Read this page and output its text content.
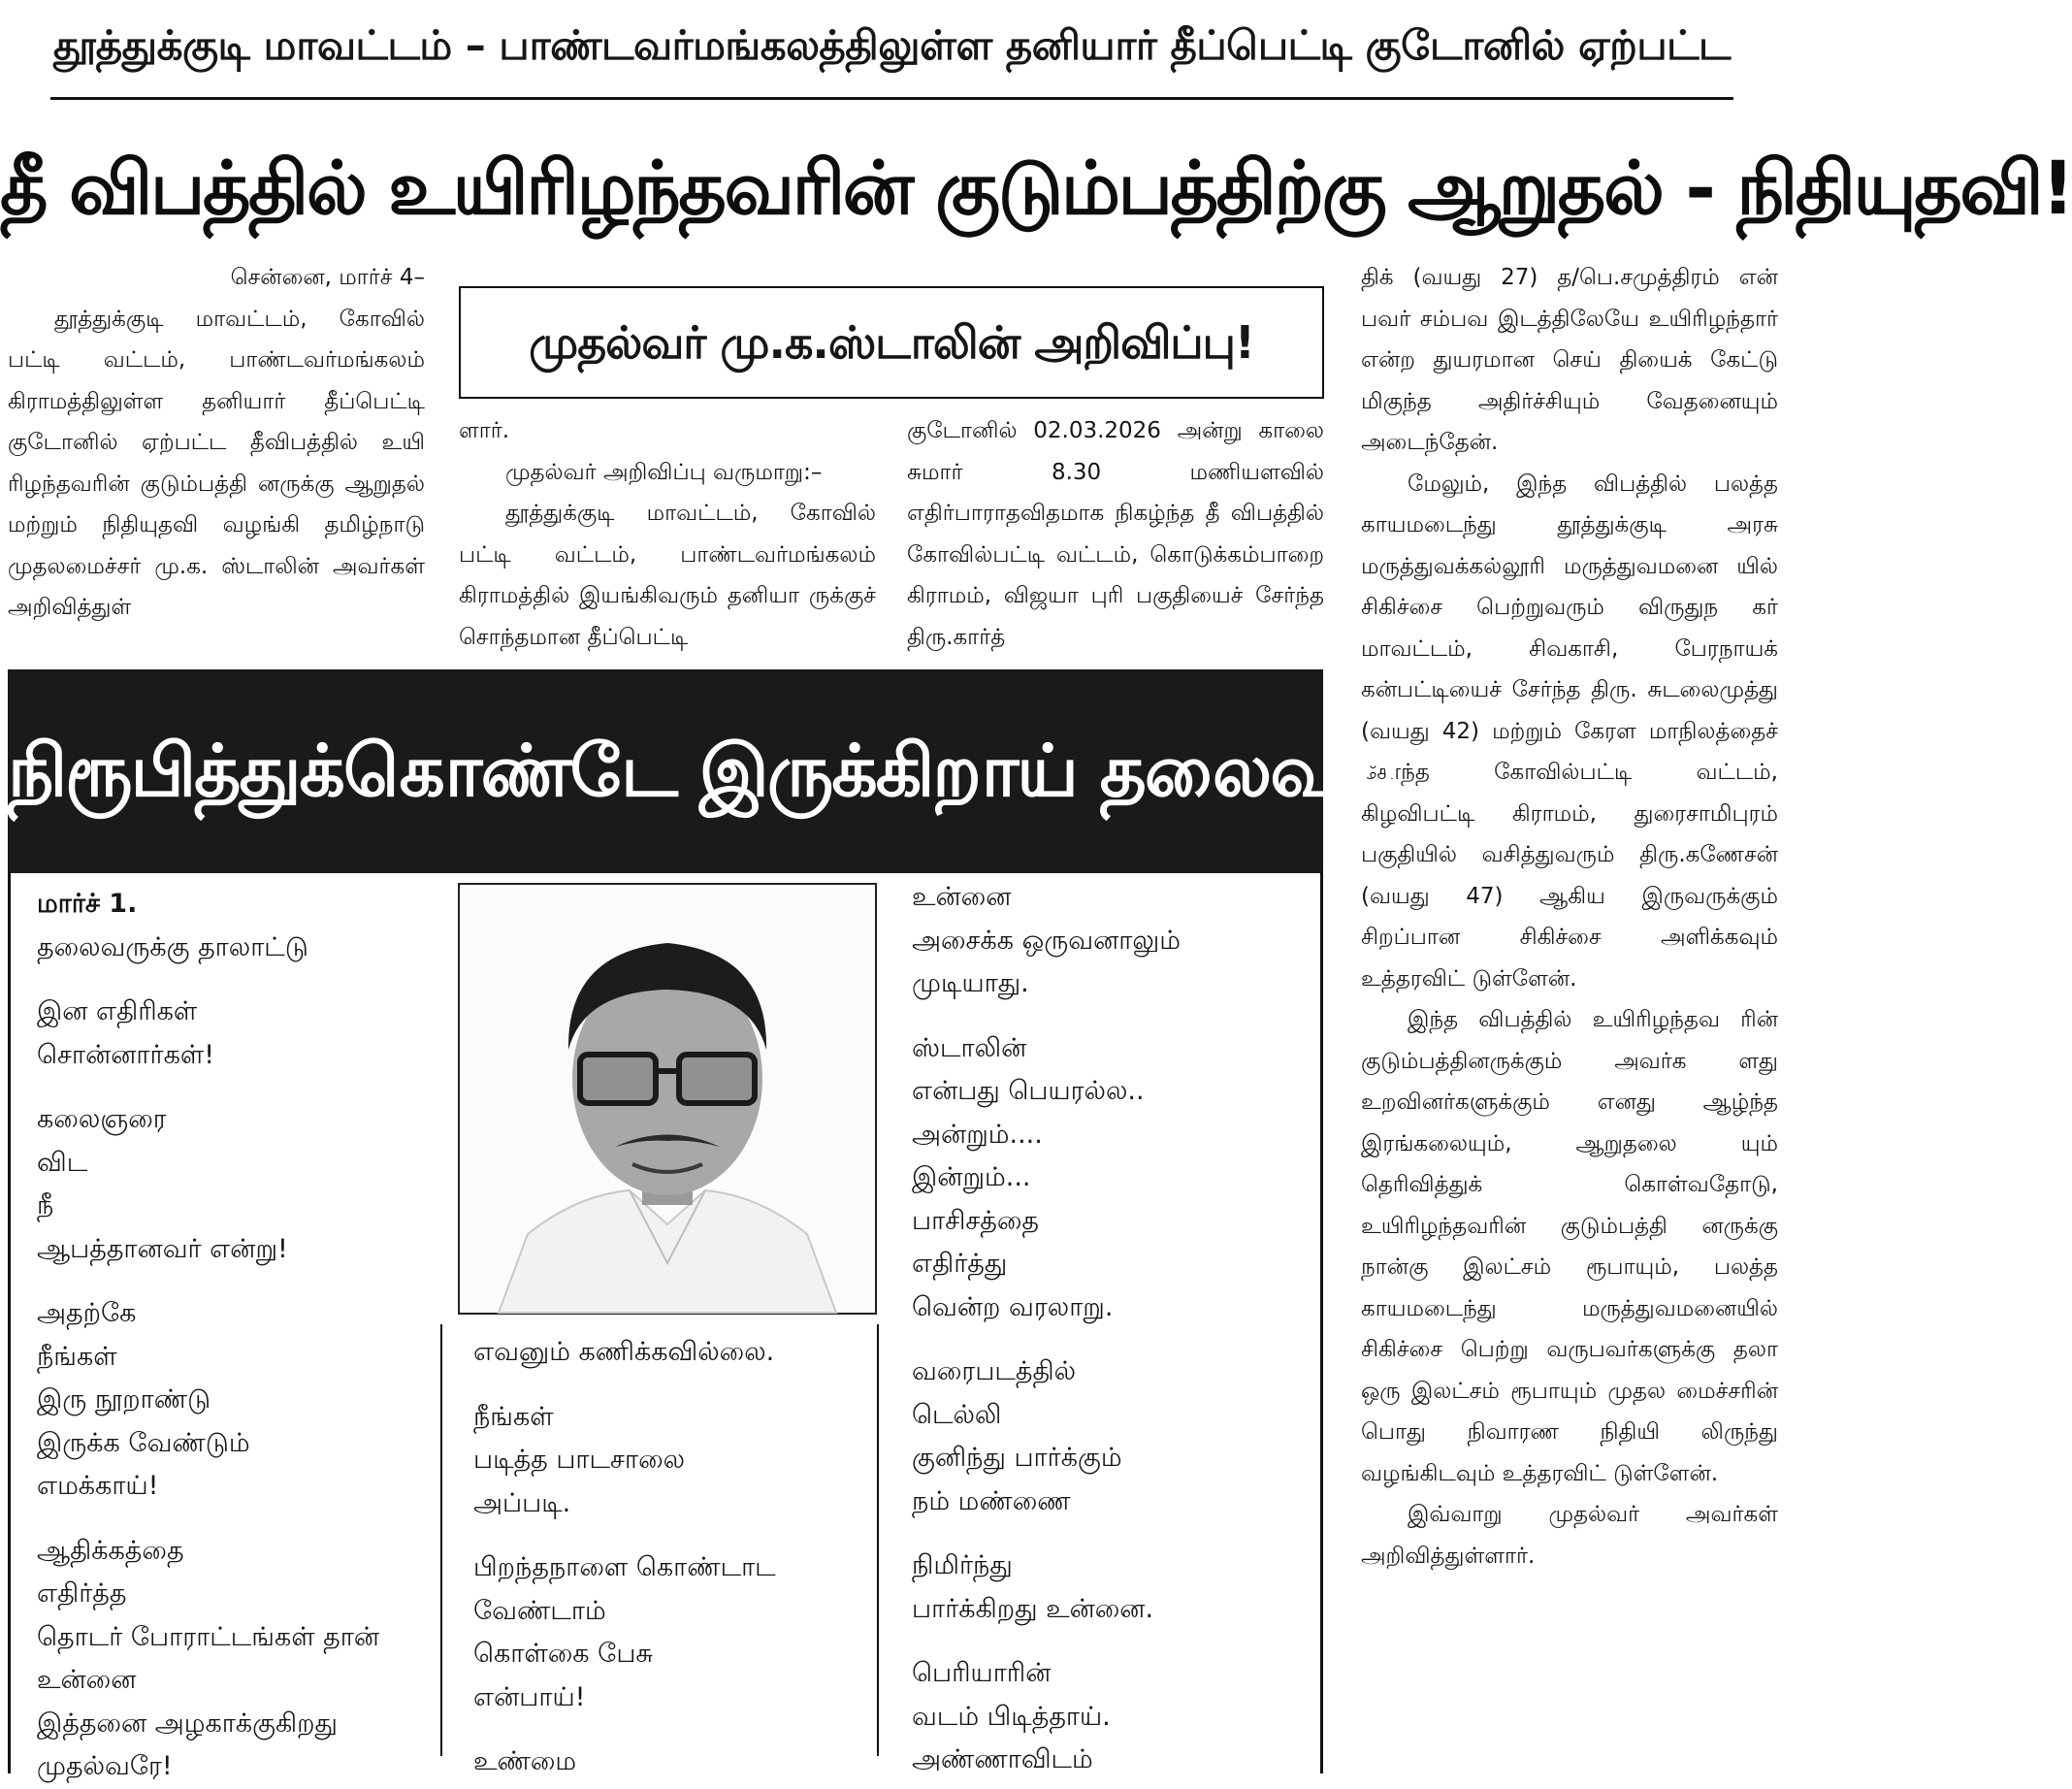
தூத்துக்குடி மாவட்டம் – பாண்டவர்மங்கலத்திலுள்ள தனியார் தீப்பெட்டி குடோனில் ஏற்பட்ட
தீ விபத்தில் உயிரிழந்தவரின் குடும்பத்திற்கு ஆறுதல் - நிதியுதவி!

சென்னை, மார்ச் 4–

தூத்துக்குடி மாவட்டம், கோவில் பட்டி வட்டம், பாண்டவர்மங்கலம் கிராமத்திலுள்ள தனியார் தீப்பெட்டி குடோனில் ஏற்பட்ட தீவிபத்தில் உயி ரிழந்தவரின் குடும்பத்தி னருக்கு ஆறுதல் மற்றும் நிதியுதவி வழங்கி தமிழ்நாடு முதலமைச்சர் மு.க. ஸ்டாலின் அவர்கள் அறிவித்துள்

முதல்வர் மு.க.ஸ்டாலின் அறிவிப்பு!

ளார்.

முதல்வர் அறிவிப்பு வருமாறு:–

தூத்துக்குடி மாவட்டம், கோவில் பட்டி வட்டம், பாண்டவர்மங்கலம் கிராமத்தில் இயங்கிவரும் தனியா ருக்குச் சொந்தமான தீப்பெட்டி

குடோனில் 02.03.2026 அன்று காலை சுமார் 8.30 மணியளவில் எதிர்பாராதவிதமாக நிகழ்ந்த தீ விபத்தில் கோவில்பட்டி வட்டம், கொடுக்கம்பாறை கிராமம், விஜயா புரி பகுதியைச் சேர்ந்த திரு.கார்த்

திக் (வயது 27) த/பெ.சமுத்திரம் என் பவர் சம்பவ இடத்திலேயே உயிரிழந்தார் என்ற துயரமான செய் தியைக் கேட்டு மிகுந்த அதிர்ச்சியும் வேதனையும் அடைந்தேன்.

மேலும், இந்த விபத்தில் பலத்த காயமடைந்து தூத்துக்குடி அரசு மருத்துவக்கல்லூரி மருத்துவமனை யில் சிகிச்சை பெற்றுவரும் விருதுந கர் மாவட்டம், சிவகாசி, பேரநாயக் கன்பட்டியைச் சேர்ந்த திரு. சுடலைமுத்து (வயது 42) மற்றும் கேரள மாநிலத்தைச் சேர்ந்த கோவில்பட்டி வட்டம், கிழவிபட்டி கிராமம், துரைசாமிபுரம் பகுதியில் வசித்துவரும் திரு.கணேசன் (வயது 47) ஆகிய இருவருக்கும் சிறப்பான சிகிச்சை அளிக்கவும் உத்தரவிட் டுள்ளேன்.

இந்த விபத்தில் உயிரிழந்தவ ரின் குடும்பத்தினருக்கும் அவர்க ளது உறவினர்களுக்கும் எனது ஆழ்ந்த இரங்கலையும், ஆறுதலை யும் தெரிவித்துக் கொள்வதோடு, உயிரிழந்தவரின் குடும்பத்தி னருக்கு நான்கு இலட்சம் ரூபாயும், பலத்த காயமடைந்து மருத்துவமனையில் சிகிச்சை பெற்று வருபவர்களுக்கு தலா ஒரு இலட்சம் ரூபாயும் முதல மைச்சரின் பொது நிவாரண நிதியி லிருந்து வழங்கிடவும் உத்தரவிட் டுள்ளேன்.

இவ்வாறு முதல்வர் அவர்கள் அறிவித்துள்ளார்.

நிரூபித்துக்கொண்டே இருக்கிறாய் தலைவா!

மார்ச் 1.
தலைவருக்கு தாலாட்டு

இன எதிரிகள்
சொன்னார்கள்!

கலைஞரை
விட
நீ
ஆபத்தானவர் என்று!

அதற்கே
நீங்கள்
இரு நூறாண்டு
இருக்க வேண்டும்
எமக்காய்!

ஆதிக்கத்தை
எதிர்த்த
தொடர் போராட்டங்கள் தான்
உன்னை
இத்தனை அழகாக்குகிறது
முதல்வரே!

எவனும் கணிக்கவில்லை.

நீங்கள்
படித்த பாடசாலை
அப்படி.

பிறந்தநாளை கொண்டாட
வேண்டாம்
கொள்கை பேசு
என்பாய்!

உண்மை

உன்னை
அசைக்க ஒருவனாலும்
முடியாது.

ஸ்டாலின்
என்பது பெயரல்ல..
அன்றும்....
இன்றும்...
பாசிசத்தை
எதிர்த்து
வென்ற வரலாறு.

வரைபடத்தில்
டெல்லி
குனிந்து பார்க்கும்
நம் மண்ணை

நிமிர்ந்து
பார்க்கிறது உன்னை.

பெரியாரின்
வடம் பிடித்தாய்.
அண்ணாவிடம்
